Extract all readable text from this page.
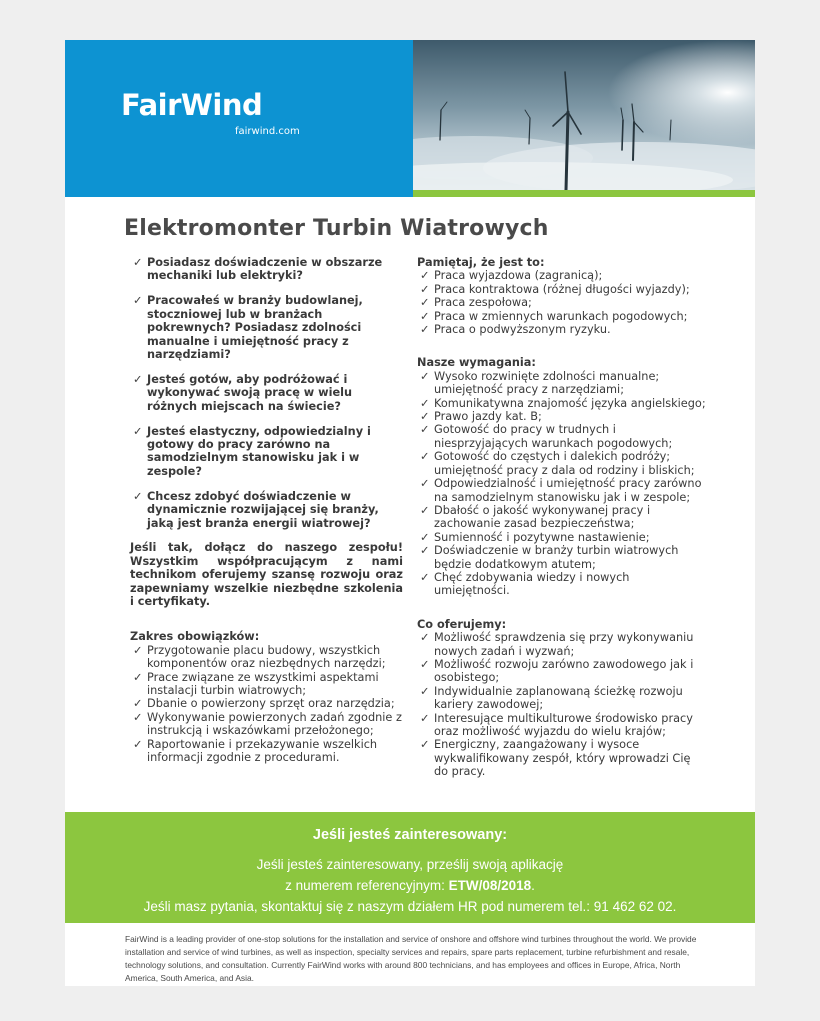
FairWind
fairwind.com
Elektromonter Turbin Wiatrowych
✓ Posiadasz doświadczenie w obszarze mechaniki lub elektryki?
✓ Pracowałeś w branży budowlanej, stoczniowej lub w branżach pokrewnych? Posiadasz zdolności manualne i umiejętność pracy z narzędziami?
✓ Jesteś gotów, aby podróżować i wykonywać swoją pracę w wielu różnych miejscach na świecie?
✓ Jesteś elastyczny, odpowiedzialny i gotowy do pracy zarówno na samodzielnym stanowisku jak i w zespole?
✓ Chcesz zdobyć doświadczenie w dynamicznie rozwijającej się branży, jaką jest branża energii wiatrowej?

Jeśli tak, dołącz do naszego zespołu! Wszystkim współpracującym z nami technikom oferujemy szansę rozwoju oraz zapewniamy wszelkie niezbędne szkolenia i certyfikaty.

Zakres obowiązków:

✓ Przygotowanie placu budowy, wszystkich komponentów oraz niezbędnych narzędzi;
✓ Prace związane ze wszystkimi aspektami instalacji turbin wiatrowych;
✓ Dbanie o powierzony sprzęt oraz narzędzia;
✓ Wykonywanie powierzonych zadań zgodnie z instrukcją i wskazówkami przełożonego;
✓ Raportowanie i przekazywanie wszelkich informacji zgodnie z procedurami.

Pamiętaj, że jest to:

✓ Praca wyjazdowa (zagranicą);
✓ Praca kontraktowa (różnej długości wyjazdy);
✓ Praca zespołowa;
✓ Praca w zmiennych warunkach pogodowych;
✓ Praca o podwyższonym ryzyku.

Nasze wymagania:

✓ Wysoko rozwinięte zdolności manualne; umiejętność pracy z narzędziami;
✓ Komunikatywna znajomość języka angielskiego;
✓ Prawo jazdy kat. B;
✓ Gotowość do pracy w trudnych i niesprzyjających warunkach pogodowych;
✓ Gotowość do częstych i dalekich podróży; umiejętność pracy z dala od rodziny i bliskich;
✓ Odpowiedzialność i umiejętność pracy zarówno na samodzielnym stanowisku jak i w zespole;
✓ Dbałość o jakość wykonywanej pracy i zachowanie zasad bezpieczeństwa;
✓ Sumienność i pozytywne nastawienie;
✓ Doświadczenie w branży turbin wiatrowych będzie dodatkowym atutem;
✓ Chęć zdobywania wiedzy i nowych umiejętności.

Co oferujemy:

✓ Możliwość sprawdzenia się przy wykonywaniu nowych zadań i wyzwań;
✓ Możliwość rozwoju zarówno zawodowego jak i osobistego;
✓ Indywidualnie zaplanowaną ścieżkę rozwoju kariery zawodowej;
✓ Interesujące multikulturowe środowisko pracy oraz możliwość wyjazdu do wielu krajów;
✓ Energiczny, zaangażowany i wysoce wykwalifikowany zespół, który wprowadzi Cię do pracy.
Jeśli jesteś zainteresowany:
Jeśli jesteś zainteresowany, prześlij swoją aplikację
z numerem referencyjnym: ETW/08/2018.
Jeśli masz pytania, skontaktuj się z naszym działem HR pod numerem tel.: 91 462 62 02.
FairWind is a leading provider of one-stop solutions for the installation and service of onshore and offshore wind turbines throughout the world. We provide installation and service of wind turbines, as well as inspection, specialty services and repairs, spare parts replacement, turbine refurbishment and resale, technology solutions, and consultation. Currently FairWind works with around 800 technicians, and has employees and offices in Europe, Africa, North America, South America, and Asia.
